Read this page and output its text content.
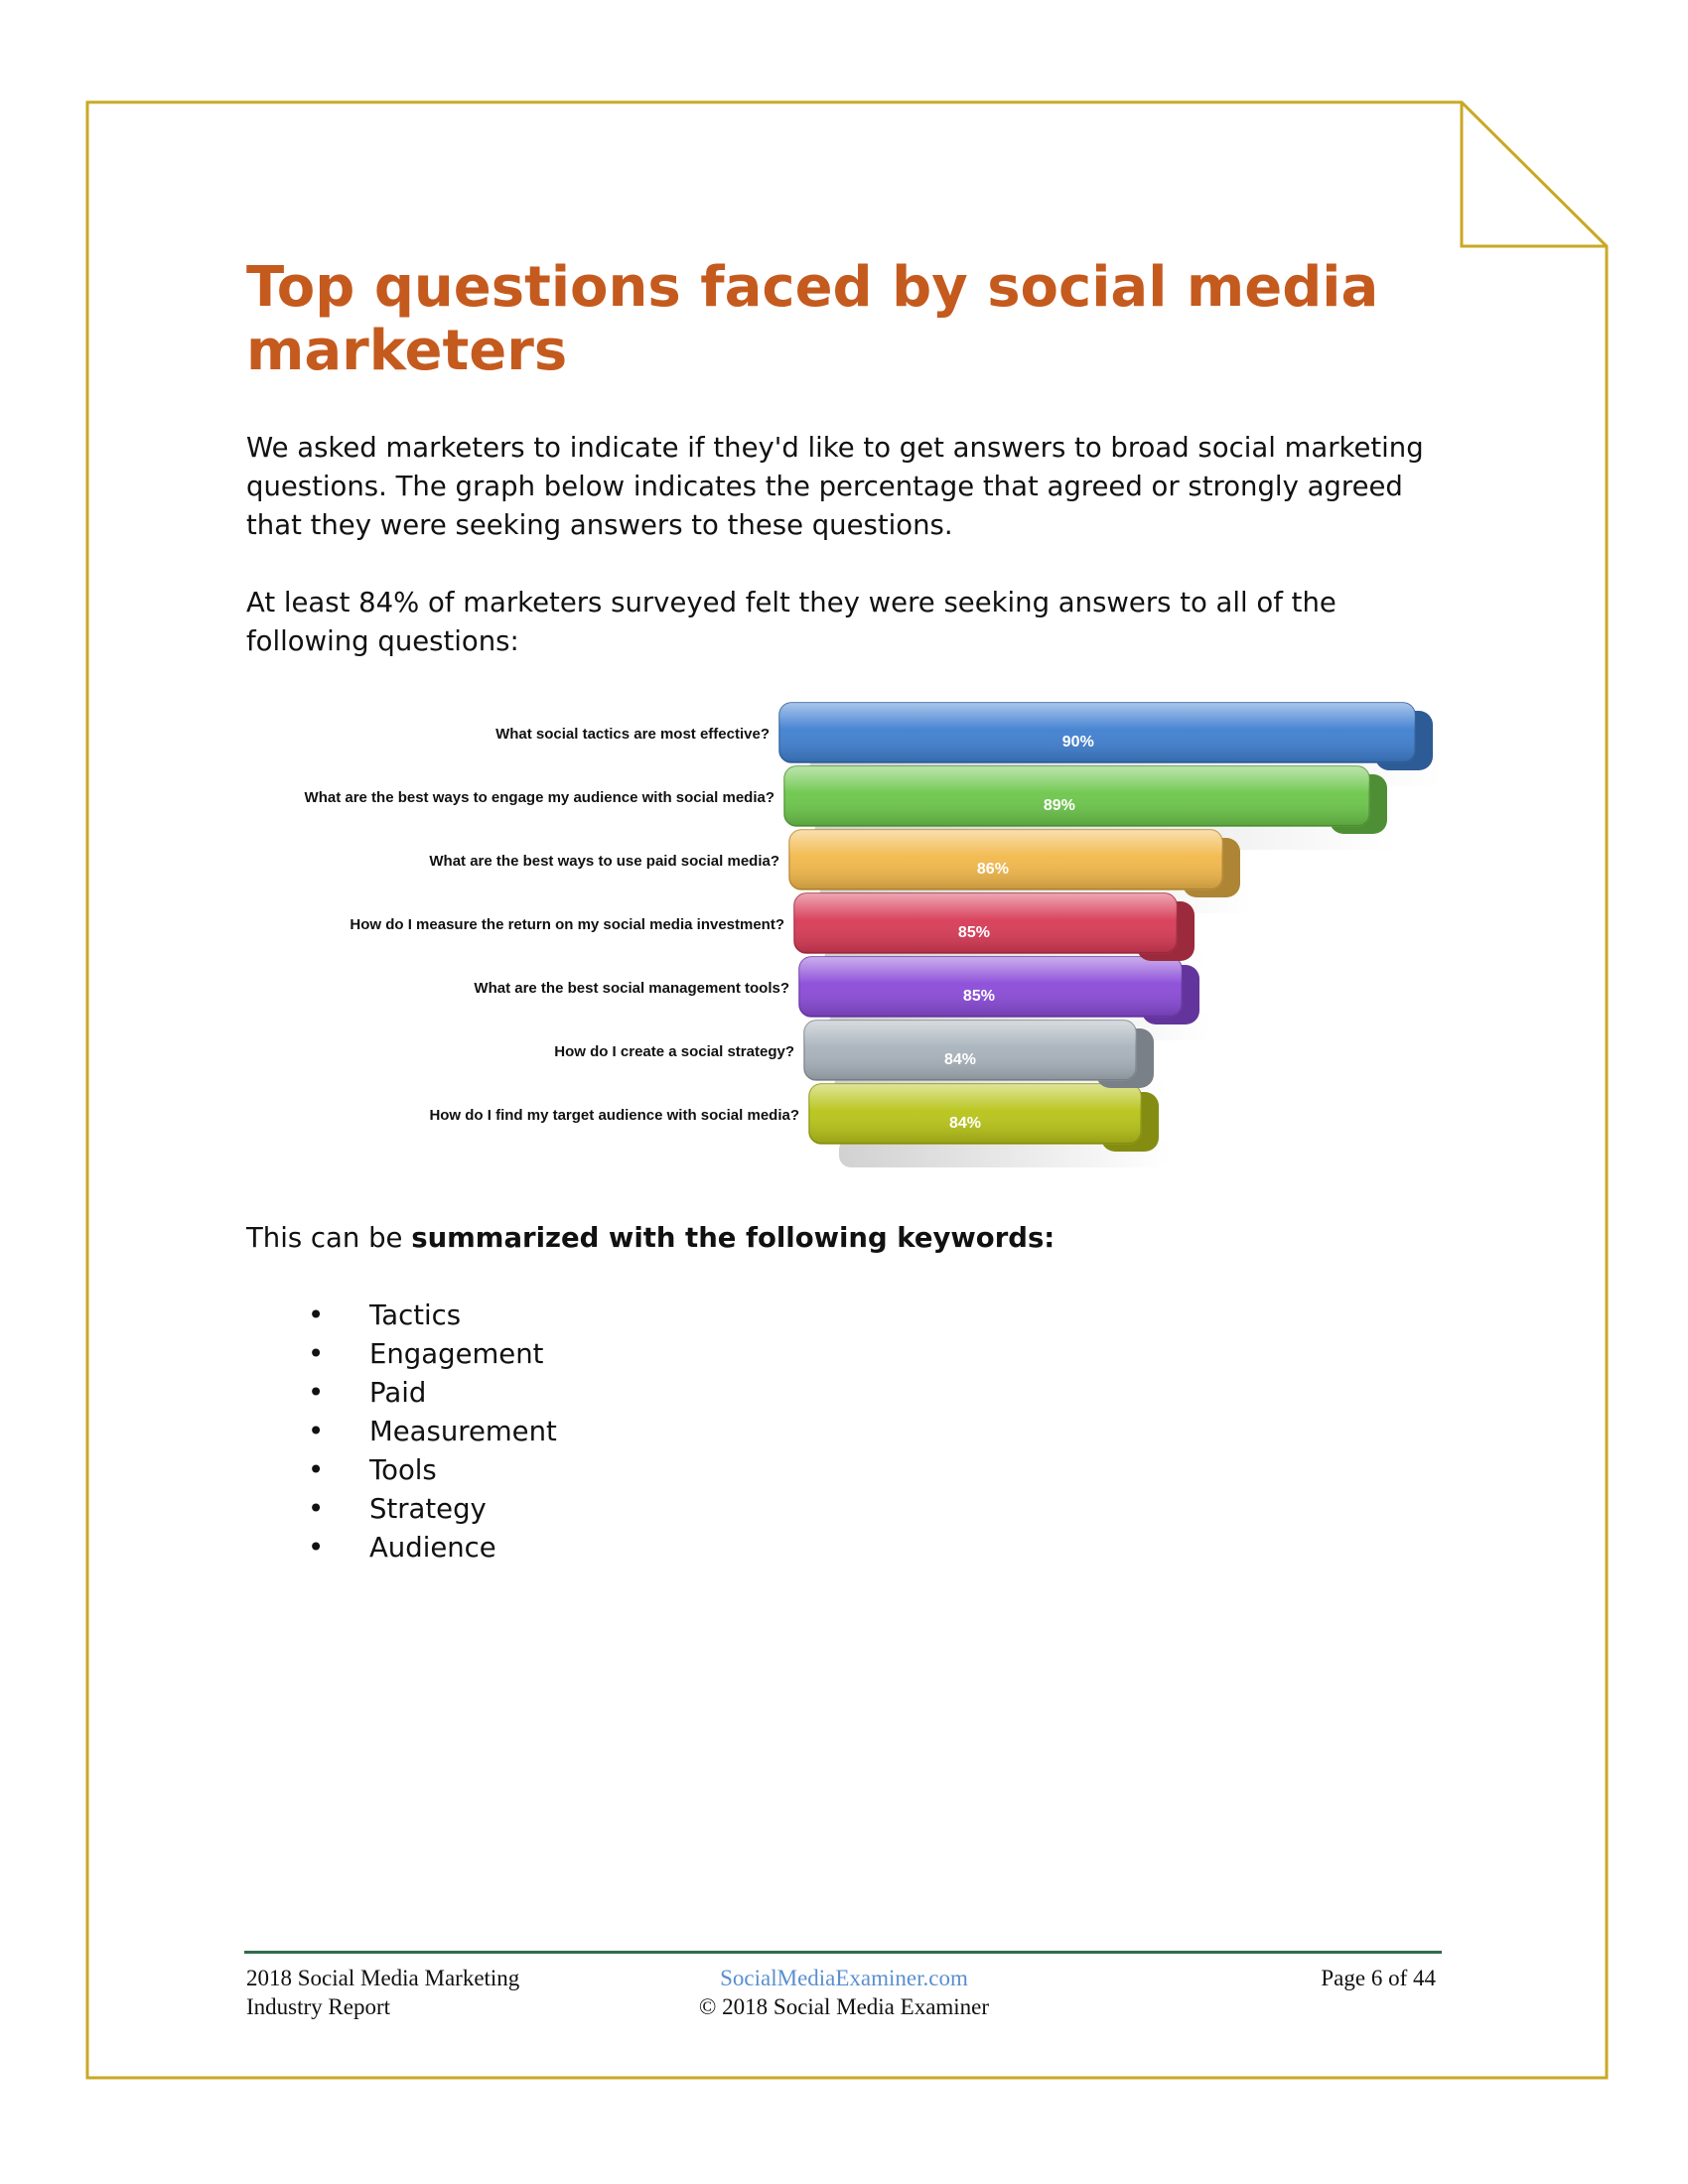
Top questions faced by social media marketers

We asked marketers to indicate if they'd like to get answers to broad social marketing questions. The graph below indicates the percentage that agreed or strongly agreed that they were seeking answers to these questions.

At least 84% of marketers surveyed felt they were seeking answers to all of the following questions:

84%
84%
85%
85%
86%
89%
90%
How do I find my target audience with social media?
How do I create a social strategy?
What are the best social management tools?
How do I measure the return on my social media investment?
What are the best ways to use paid social media?
What are the best ways to engage my audience with social media?
What social tactics are most effective?
This can be summarized with the following keywords:
• Tactics
• Engagement
• Paid
• Measurement
• Tools
• Strategy
• Audience
2018 Social Media Marketing
Industry Report
SocialMediaExaminer.com
© 2018 Social Media Examiner
Page 6 of 44
